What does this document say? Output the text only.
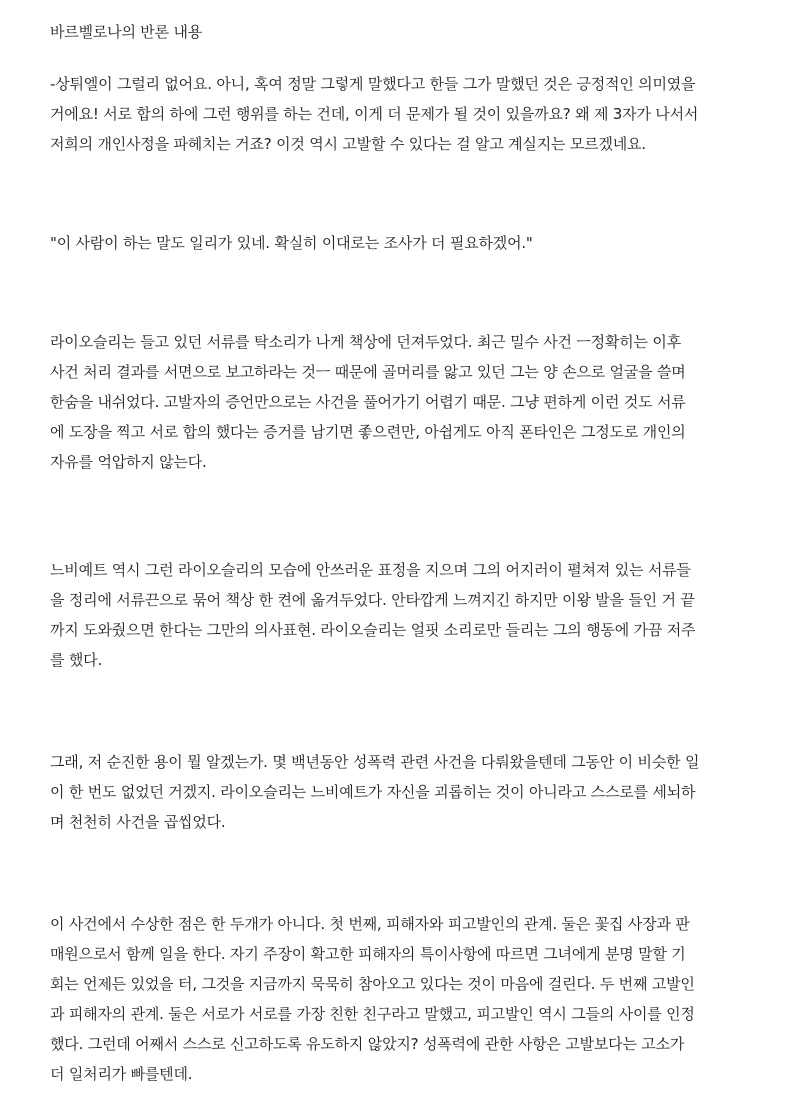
바르벨로나의 반론 내용
-상튀엘이 그럴리 없어요. 아니, 혹여 정말 그렇게 말했다고 한들 그가 말했던 것은 긍정적인 의미였을
거에요! 서로 합의 하에 그런 행위를 하는 건데, 이게 더 문제가 될 것이 있을까요? 왜 제 3자가 나서서
저희의 개인사정을 파헤치는 거죠? 이것 역시 고발할 수 있다는 걸 알고 계실지는 모르겠네요.
"이 사람이 하는 말도 일리가 있네. 확실히 이대로는 조사가 더 필요하겠어."
라이오슬리는 들고 있던 서류를 탁소리가 나게 책상에 던져두었다. 최근 밀수 사건 ㅡ정확히는 이후
사건 처리 결과를 서면으로 보고하라는 것ㅡ 때문에 골머리를 앓고 있던 그는 양 손으로 얼굴을 쓸며
한숨을 내쉬었다. 고발자의 증언만으로는 사건을 풀어가기 어렵기 때문. 그냥 편하게 이런 것도 서류
에 도장을 찍고 서로 합의 했다는 증거를 남기면 좋으련만, 아쉽게도 아직 폰타인은 그정도로 개인의
자유를 억압하지 않는다.
느비예트 역시 그런 라이오슬리의 모습에 안쓰러운 표정을 지으며 그의 어지러이 펼쳐져 있는 서류들
을 정리에 서류끈으로 묶어 책상 한 켠에 옮겨두었다. 안타깝게 느껴지긴 하지만 이왕 발을 들인 거 끝
까지 도와줬으면 한다는 그만의 의사표현. 라이오슬리는 얼핏 소리로만 들리는 그의 행동에 가끔 저주
를 했다.
그래, 저 순진한 용이 뭘 알겠는가. 몇 백년동안 성폭력 관련 사건을 다뤄왔을텐데 그동안 이 비슷한 일
이 한 번도 없었던 거겠지. 라이오슬리는 느비예트가 자신을 괴롭히는 것이 아니라고 스스로를 세뇌하
며 천천히 사건을 곱씹었다.
이 사건에서 수상한 점은 한 두개가 아니다. 첫 번째, 피해자와 피고발인의 관계. 둘은 꽃집 사장과 판
매원으로서 함께 일을 한다. 자기 주장이 확고한 피해자의 특이사항에 따르면 그녀에게 분명 말할 기
회는 언제든 있었을 터, 그것을 지금까지 묵묵히 참아오고 있다는 것이 마음에 걸린다. 두 번째 고발인
과 피해자의 관계. 둘은 서로가 서로를 가장 친한 친구라고 말했고, 피고발인 역시 그들의 사이를 인정
했다. 그런데 어째서 스스로 신고하도록 유도하지 않았지? 성폭력에 관한 사항은 고발보다는 고소가
더 일처리가 빠를텐데.
